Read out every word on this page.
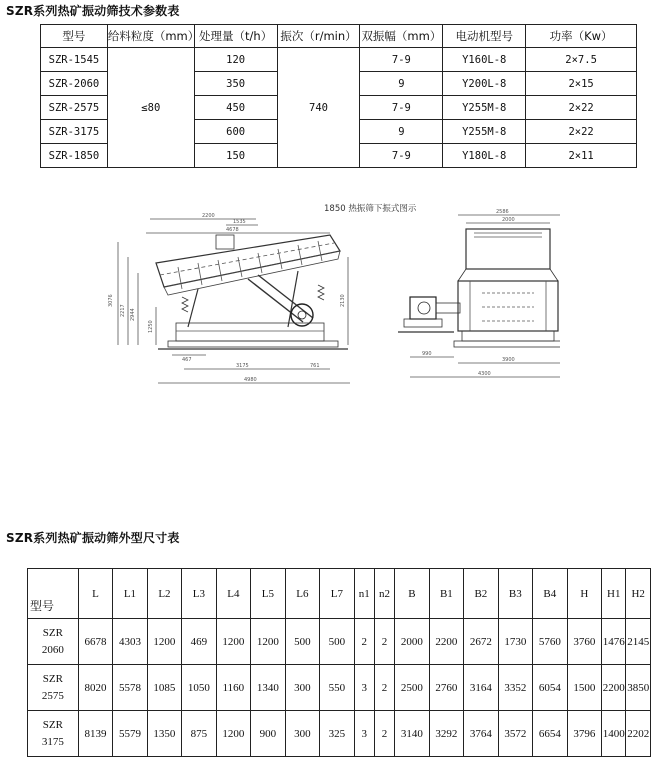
SZR系列热矿振动筛技术参数表
型号	给料粒度（mm）	处理量（t/h）	振次（r/min）	双振幅（mm）	电动机型号	功率（Kw）
SZR-1545	≤80	120	740	7-9	Y160L-8	2×7.5
SZR-2060		350		9	Y200L-8	2×15
SZR-2575		450		7-9	Y255M-8	2×22
SZR-3175		600		9	Y255M-8	2×22
SZR-1850		150		7-9	Y180L-8	2×11
1850 热振筛下振式图示
2200
1535
4678
3076
2217 2944
1250
2130
467
3175	761
4980
2586
2000
990
3900
4300
SZR系列热矿振动筛外型尺寸表
型号	L	L1	L2	L3	L4	L5	L6	L7	n1	n2	B	B1	B2	B3	B4	H	H1	H2
SZR
2060	6678	4303	1200	469	1200	1200	500	500	2	2	2000	2200	2672	1730	5760	3760	1476	2145
SZR
2575	8020	5578	1085	1050	1160	1340	300	550	3	2	2500	2760	3164	3352	6054	1500	2200	3850
SZR
3175	8139	5579	1350	875	1200	900	300	325	3	2	3140	3292	3764	3572	6654	3796	1400	2202
